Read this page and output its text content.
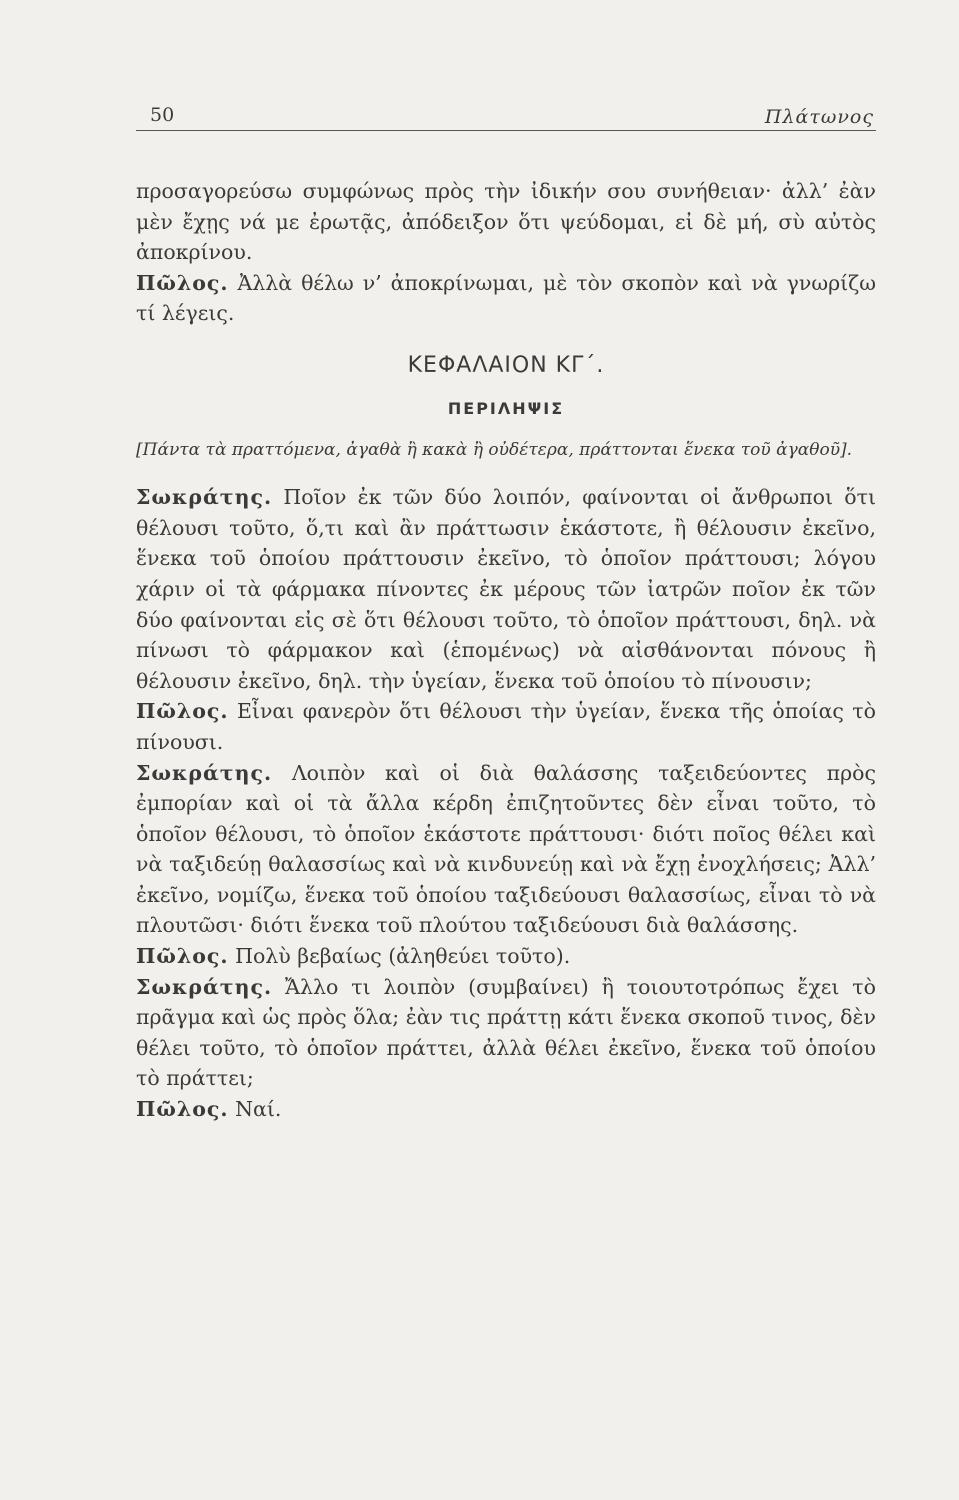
50	Πλάτωνος

προσαγορεύσω συμφώνως πρὸς τὴν ἰδικήν σου συνήθειαν· ἀλλ’ ἐὰν μὲν ἔχῃς νά με ἐρωτᾷς, ἀπόδειξον ὅτι ψεύδομαι, εἰ δὲ μή, σὺ αὐτὸς ἀποκρίνου.

Πῶλος. Ἀλλὰ θέλω ν’ ἀποκρίνωμαι, μὲ τὸν σκοπὸν καὶ νὰ γνωρίζω τί λέγεις.

ΚΕΦΑΛΑΙΟΝ ΚΓ΄.
ΠΕΡΙΛΗΨΙΣ

[Πάντα τὰ πραττόμενα, ἀγαθὰ ἢ κακὰ ἢ οὐδέτερα, πράττονται ἕνεκα τοῦ ἀγαθοῦ].

Σωκράτης. Ποῖον ἐκ τῶν δύο λοιπόν, φαίνονται οἱ ἄνθρωποι ὅτι θέλουσι τοῦτο, ὅ,τι καὶ ἂν πράττωσιν ἑκάστοτε, ἢ θέλουσιν ἐκεῖνο, ἕνεκα τοῦ ὁποίου πράττουσιν ἐκεῖνο, τὸ ὁποῖον πράττουσι; λόγου χάριν οἱ τὰ φάρμακα πίνοντες ἐκ μέρους τῶν ἰατρῶν ποῖον ἐκ τῶν δύο φαίνονται εἰς σὲ ὅτι θέλουσι τοῦτο, τὸ ὁποῖον πράττουσι, δηλ. νὰ πίνωσι τὸ φάρμακον καὶ (ἑπομένως) νὰ αἰσθάνονται πόνους ἢ θέλουσιν ἐκεῖνο, δηλ. τὴν ὑγείαν, ἕνεκα τοῦ ὁποίου τὸ πίνουσιν;

Πῶλος. Εἶναι φανερὸν ὅτι θέλουσι τὴν ὑγείαν, ἕνεκα τῆς ὁποίας τὸ πίνουσι.

Σωκράτης. Λοιπὸν καὶ οἱ διὰ θαλάσσης ταξειδεύοντες πρὸς ἐμπορίαν καὶ οἱ τὰ ἄλλα κέρδη ἐπιζητοῦντες δὲν εἶναι τοῦτο, τὸ ὁποῖον θέλουσι, τὸ ὁποῖον ἑκάστοτε πράττουσι· διότι ποῖος θέλει καὶ νὰ ταξιδεύῃ θαλασσίως καὶ νὰ κινδυνεύῃ καὶ νὰ ἔχῃ ἐνοχλήσεις; Ἀλλ’ ἐκεῖνο, νομίζω, ἕνεκα τοῦ ὁποίου ταξιδεύουσι θαλασσίως, εἶναι τὸ νὰ πλουτῶσι· διότι ἕνεκα τοῦ πλούτου ταξιδεύουσι διὰ θαλάσσης.

Πῶλος. Πολὺ βεβαίως (ἀληθεύει τοῦτο).

Σωκράτης. Ἄλλο τι λοιπὸν (συμβαίνει) ἢ τοιουτοτρόπως ἔχει τὸ πρᾶγμα καὶ ὡς πρὸς ὅλα; ἐὰν τις πράττῃ κάτι ἕνεκα σκοποῦ τινος, δὲν θέλει τοῦτο, τὸ ὁποῖον πράττει, ἀλλὰ θέλει ἐκεῖνο, ἕνεκα τοῦ ὁποίου τὸ πράττει;

Πῶλος. Ναί.
